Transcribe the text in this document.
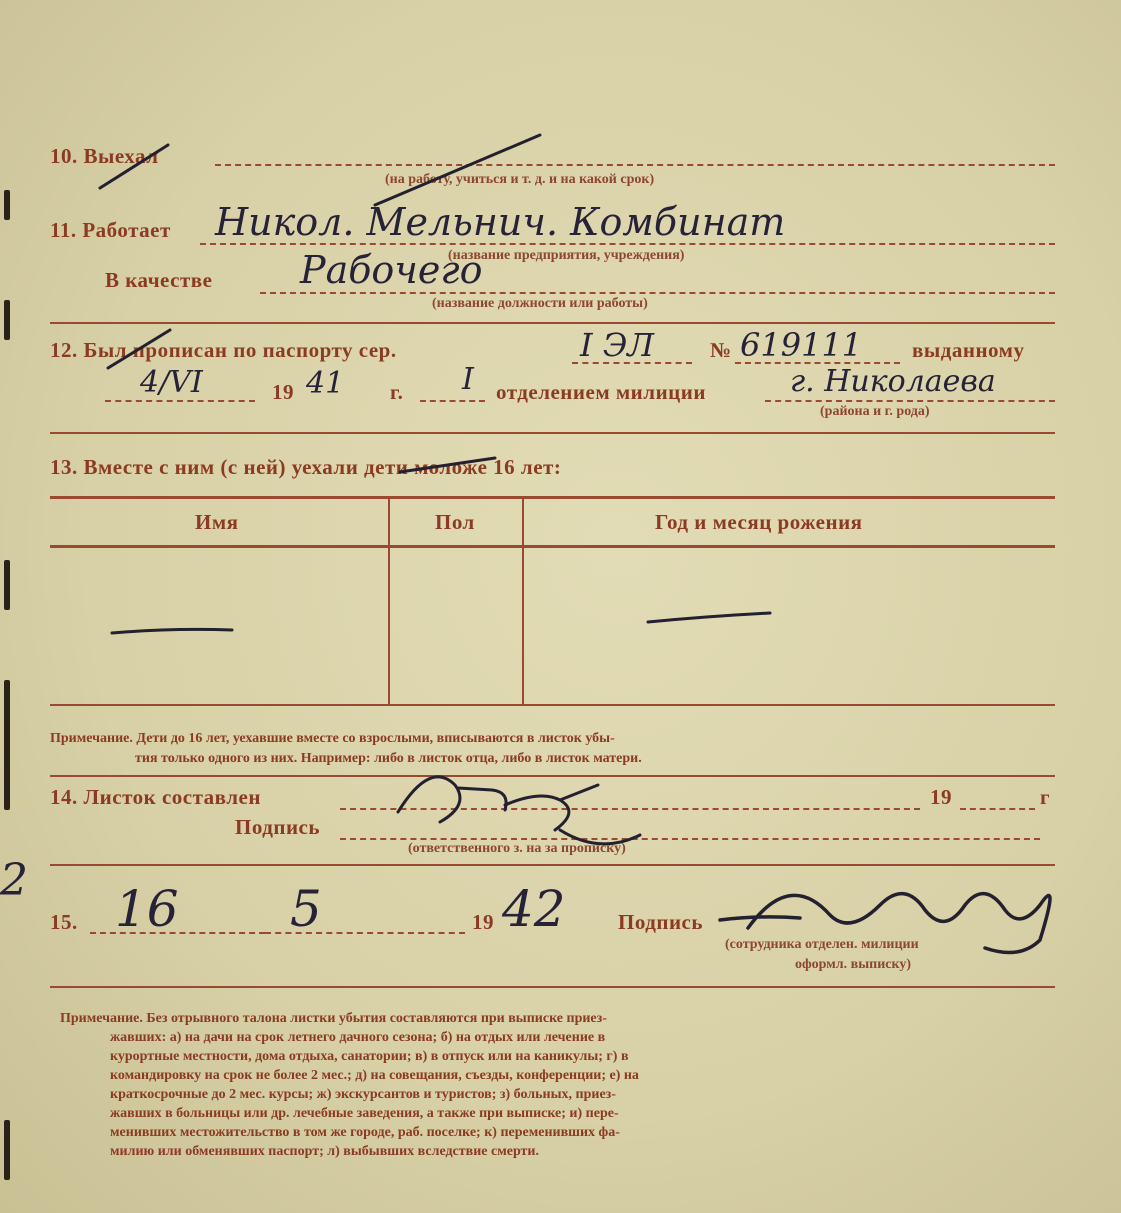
2
10. Выехал
(на работу, учиться и т. д. и на какой срок)
11. Работает Никол. Мельнич. Комбинат
(название предприятия, учреждения)
В качестве Рабочего
(название должности или работы)
12. Был прописан по паспорту сер.	I ЭЛ	№ 619111 выданному
4/VI	19 41 г. I отделением милиции	г. Николаева
(района и г. рода)
13. Вместе с ним (с ней) уехали дети моложе 16 лет:
Имя	Пол	Год и месяц рожения
Примечание. Дети до 16 лет, уехавшие вместе со взрослыми, вписываются в листок убы-
тия только одного из них. Например: либо в листок отца, либо в листок матери.
14. Листок составлен	19	г
Подпись
(ответственного з. на за прописку)
15. 16 5	19 42 Подпись
(сотрудника отделен. милиции
оформл. выписку)
Примечание. Без отрывного талона листки убытия составляются при выписке приез-
жавших: а) на дачи на срок летнего дачного сезона; б) на отдых или лечение в
курортные местности, дома отдыха, санатории; в) в отпуск или на каникулы; г) в
командировку на срок не более 2 мес.; д) на совещания, съезды, конференции; е) на
краткосрочные до 2 мес. курсы; ж) экскурсантов и туристов; з) больных, приез-
жавших в больницы или др. лечебные заведения, а также при выписке; и) пере-
менивших местожительство в том же городе, раб. поселке; к) переменивших фа-
милию или обменявших паспорт; л) выбывших вследствие смерти.
